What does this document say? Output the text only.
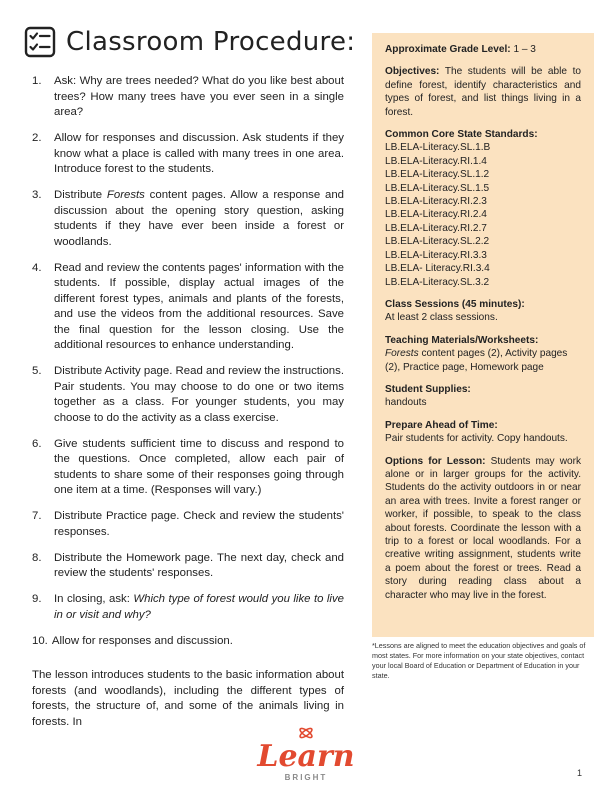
Classroom Procedure:
1.	Ask: Why are trees needed? What do you like best about trees? How many trees have you ever seen in a single area?
2.	Allow for responses and discussion. Ask students if they know what a place is called with many trees in one area. Introduce forest to the students.
3.	Distribute Forests content pages. Allow a response and discussion about the opening story question, asking students if they have ever been inside a forest or woodlands.
4.	Read and review the contents pages' information with the students. If possible, display actual images of the different forest types, animals and plants of the forests, and use the videos from the additional resources. Save the final question for the lesson closing. Use the additional resources to enhance understanding.
5.	Distribute Activity page. Read and review the instructions. Pair students. You may choose to do one or two items together as a class. For younger students, you may choose to do the activity as a class exercise.
6.	Give students sufficient time to discuss and respond to the questions. Once completed, allow each pair of students to share some of their responses going through one item at a time. (Responses will vary.)
7.	Distribute Practice page. Check and review the students' responses.
8.	Distribute the Homework page. The next day, check and review the students' responses.
9.	In closing, ask: Which type of forest would you like to live in or visit and why?
10. Allow for responses and discussion.

The lesson introduces students to the basic information about forests (and woodlands), including the different types of forests, the structure of, and some of the animals living in forests. In

Approximate Grade Level: 1 – 3
Objectives: The students will be able to define forest, identify characteristics and types of forest, and list things living in a forest.
Common Core State Standards:
LB.ELA-Literacy.SL.1.B
LB.ELA-Literacy.RI.1.4
LB.ELA-Literacy.SL.1.2
LB.ELA-Literacy.SL.1.5
LB.ELA-Literacy.RI.2.3
LB.ELA-Literacy.RI.2.4
LB.ELA-Literacy.RI.2.7
LB.ELA-Literacy.SL.2.2
LB.ELA-Literacy.RI.3.3
LB.ELA- Literacy.RI.3.4
LB.ELA-Literacy.SL.3.2
Class Sessions (45 minutes):
At least 2 class sessions.
Teaching Materials/Worksheets:
Forests content pages (2), Activity pages (2), Practice page, Homework page
Student Supplies:
handouts
Prepare Ahead of Time:
Pair students for activity. Copy handouts.
Options for Lesson: Students may work alone or in larger groups for the activity. Students do the activity outdoors in or near an area with trees. Invite a forest ranger or worker, if possible, to speak to the class about forests. Coordinate the lesson with a trip to a forest or local woodlands. For a creative writing assignment, students write a poem about the forest or trees. Read a story during reading class about a character who may live in the forest.

*Lessons are aligned to meet the education objectives and goals of most states. For more information on your state objectives, contact your local Board of Education or Department of Education in your state.

Learn
BRIGHT	1
